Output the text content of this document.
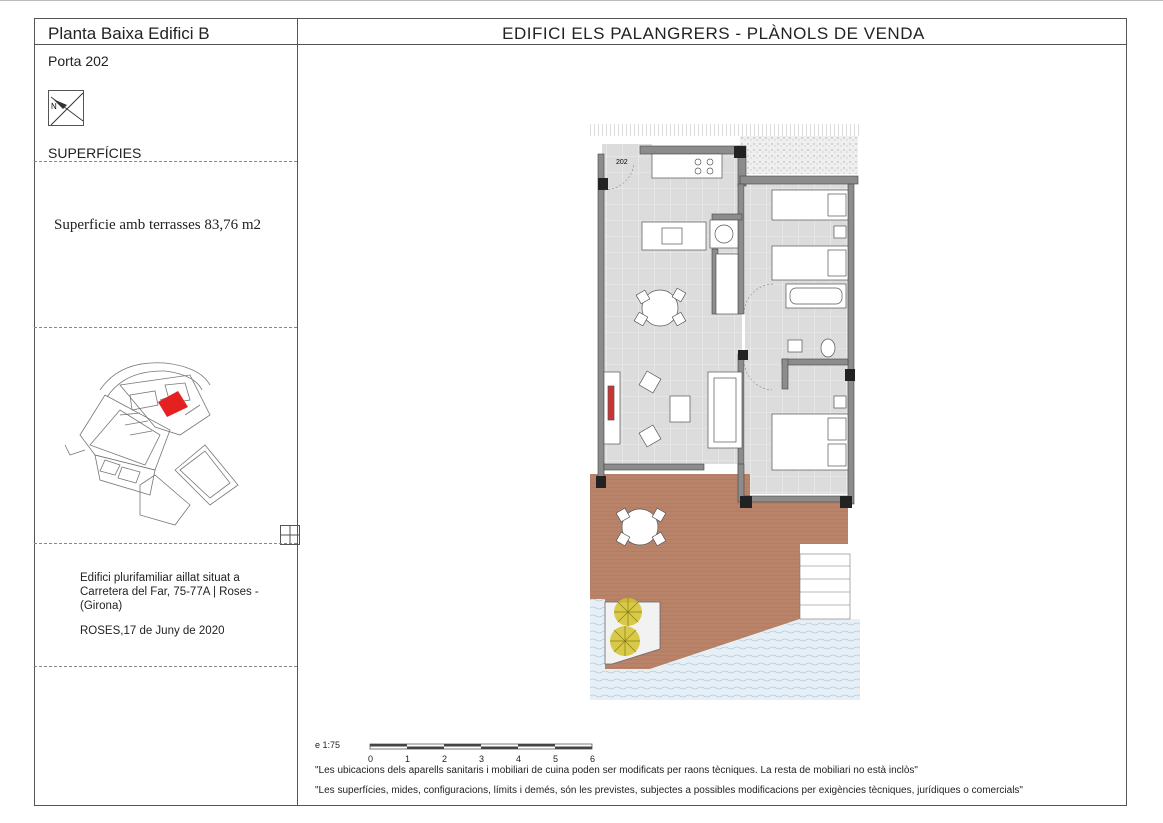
Planta Baixa Edifici B	EDIFICI ELS PALANGRERS - PLÀNOLS DE VENDA
Porta 202
N
SUPERFÍCIES
Superficie amb terrasses 83,76 m2
Edifici plurifamiliar aillat situat a Carretera del Far, 75-77A | Roses - (Girona)
ROSES,17 de Juny de 2020
202
e 1:75
0	1	2	3	4	5	6
"Les ubicacions dels aparells sanitaris i mobiliari de cuina poden ser modificats per raons tècniques. La resta de mobiliari no està inclòs"
"Les superfícies, mides, configuracions, límits i demés, són les previstes, subjectes a possibles modificacions per exigències tècniques, jurídiques o comercials"
